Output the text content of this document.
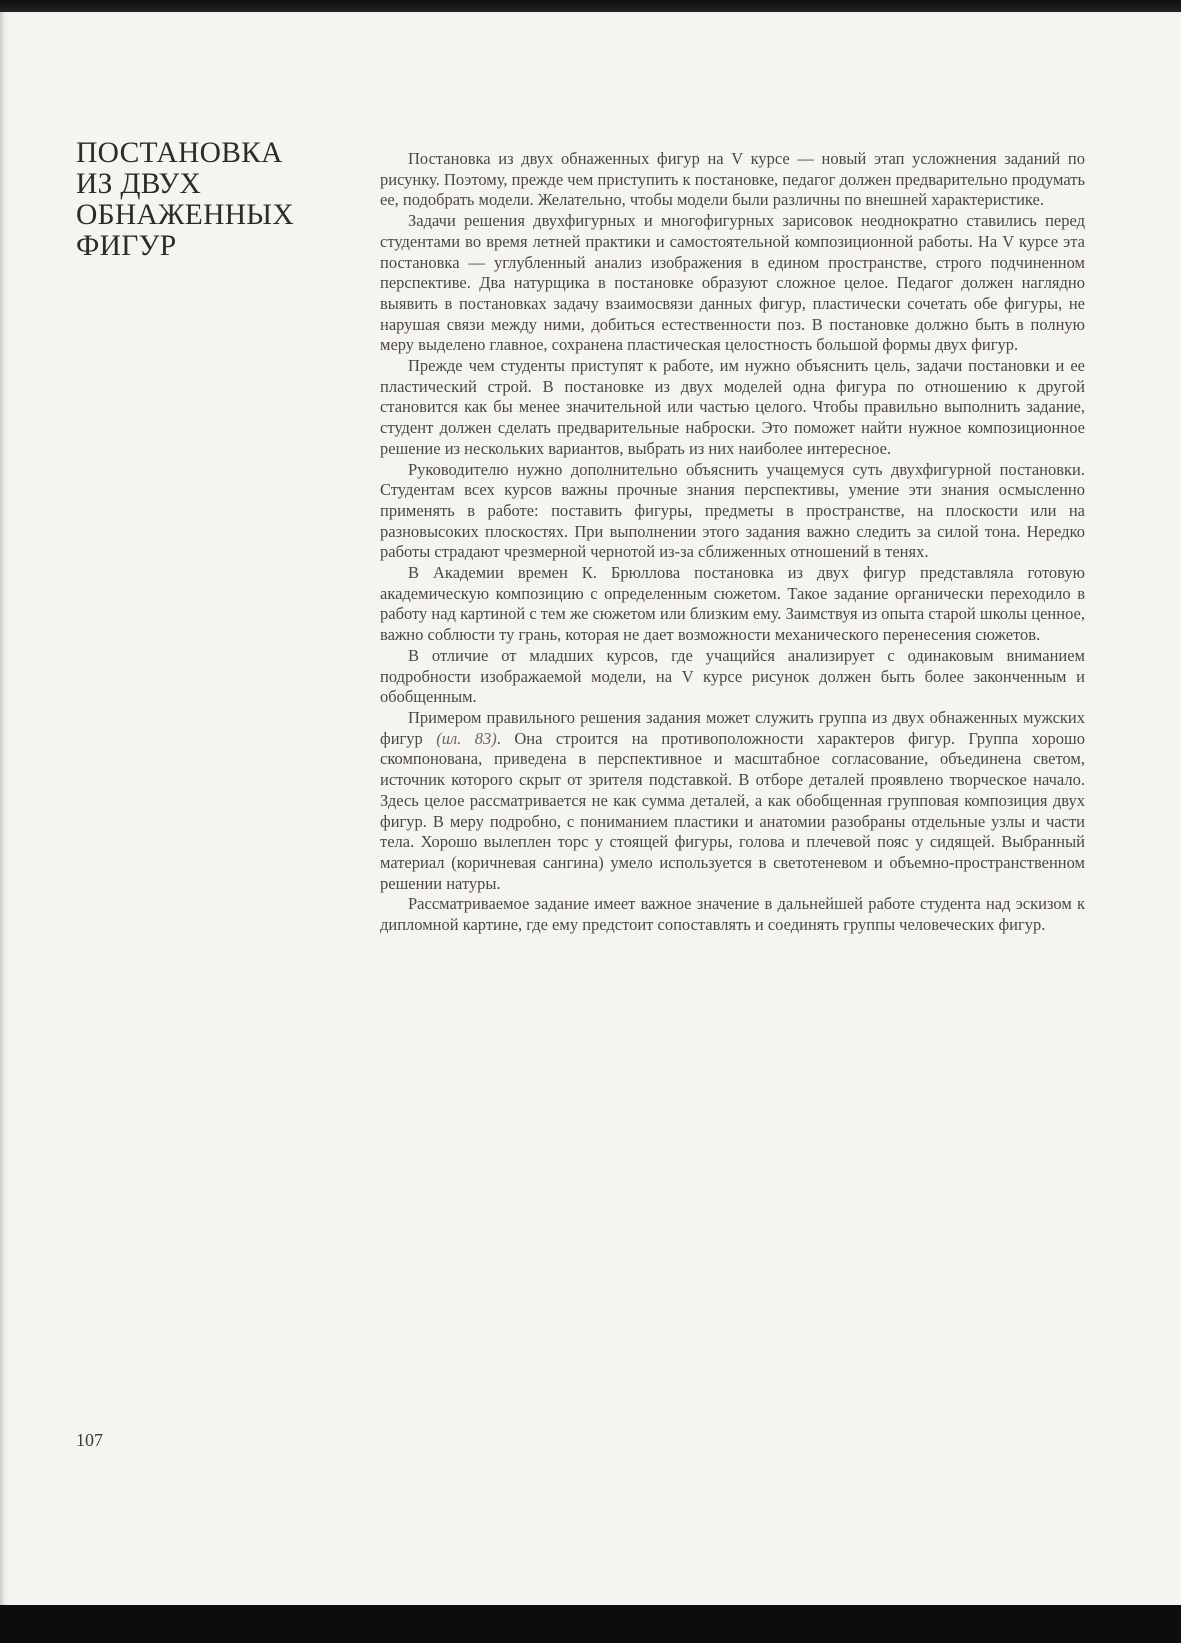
ПОСТАНОВКА
ИЗ ДВУХ
ОБНАЖЕННЫХ
ФИГУР

Постановка из двух обнаженных фигур на V курсе — новый этап усложнения заданий по рисунку. Поэтому, прежде чем приступить к постановке, педагог должен предварительно продумать ее, подобрать модели. Желательно, чтобы модели были различны по внешней характеристике.

Задачи решения двухфигурных и многофигурных зарисовок неоднократно ставились перед студентами во время летней практики и самостоятельной композиционной работы. На V курсе эта постановка — углубленный анализ изображения в едином пространстве, строго подчиненном перспективе. Два натурщика в постановке образуют сложное целое. Педагог должен наглядно выявить в постановках задачу взаимосвязи данных фигур, пластически сочетать обе фигуры, не нарушая связи между ними, добиться естественности поз. В постановке должно быть в полную меру выделено главное, сохранена пластическая целостность большой формы двух фигур.

Прежде чем студенты приступят к работе, им нужно объяснить цель, задачи постановки и ее пластический строй. В постановке из двух моделей одна фигура по отношению к другой становится как бы менее значительной или частью целого. Чтобы правильно выполнить задание, студент должен сделать предварительные наброски. Это поможет найти нужное композиционное решение из нескольких вариантов, выбрать из них наиболее интересное.

Руководителю нужно дополнительно объяснить учащемуся суть двухфигурной постановки. Студентам всех курсов важны прочные знания перспективы, умение эти знания осмысленно применять в работе: поставить фигуры, предметы в пространстве, на плоскости или на разновысоких плоскостях. При выполнении этого задания важно следить за силой тона. Нередко работы страдают чрезмерной чернотой из-за сближенных отношений в тенях.

В Академии времен К. Брюллова постановка из двух фигур представляла готовую академическую композицию с определенным сюжетом. Такое задание органически переходило в работу над картиной с тем же сюжетом или близким ему. Заимствуя из опыта старой школы ценное, важно соблюсти ту грань, которая не дает возможности механического перенесения сюжетов.

В отличие от младших курсов, где учащийся анализирует с одинаковым вниманием подробности изображаемой модели, на V курсе рисунок должен быть более законченным и обобщенным.

Примером правильного решения задания может служить группа из двух обнаженных мужских фигур (ил. 83). Она строится на противоположности характеров фигур. Группа хорошо скомпонована, приведена в перспективное и масштабное согласование, объединена светом, источник которого скрыт от зрителя подставкой. В отборе деталей проявлено творческое начало. Здесь целое рассматривается не как сумма деталей, а как обобщенная групповая композиция двух фигур. В меру подробно, с пониманием пластики и анатомии разобраны отдельные узлы и части тела. Хорошо вылеплен торс у стоящей фигуры, голова и плечевой пояс у сидящей. Выбранный материал (коричневая сангина) умело используется в светотеневом и объемно-пространственном решении натуры.

Рассматриваемое задание имеет важное значение в дальнейшей работе студента над эскизом к дипломной картине, где ему предстоит сопоставлять и соединять группы человеческих фигур.

107
